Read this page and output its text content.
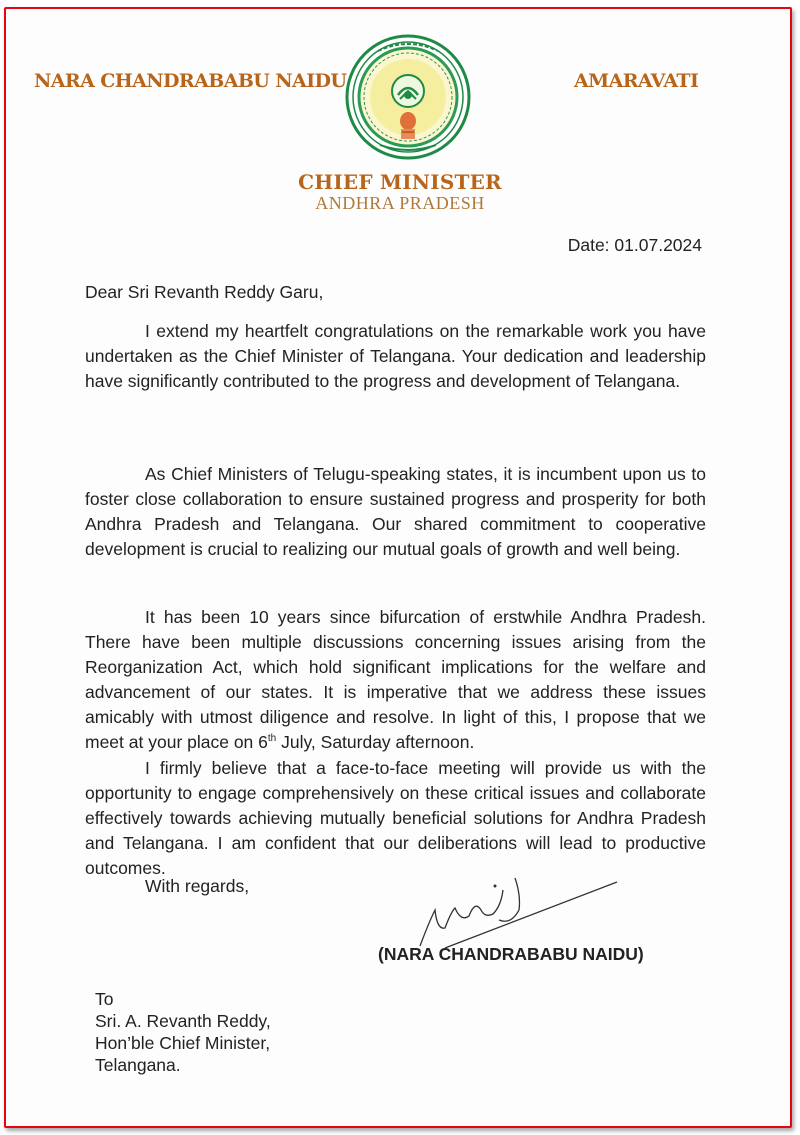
NARA CHANDRABABU NAIDU	AMARAVATI
CHIEF MINISTER
ANDHRA PRADESH
Date: 01.07.2024
Dear Sri Revanth Reddy Garu,

I extend my heartfelt congratulations on the remarkable work you have undertaken as the Chief Minister of Telangana. Your dedication and leadership have significantly contributed to the progress and development of Telangana.

As Chief Ministers of Telugu-speaking states, it is incumbent upon us to foster close collaboration to ensure sustained progress and prosperity for both Andhra Pradesh and Telangana. Our shared commitment to cooperative development is crucial to realizing our mutual goals of growth and well being.

It has been 10 years since bifurcation of erstwhile Andhra Pradesh. There have been multiple discussions concerning issues arising from the Reorganization Act, which hold significant implications for the welfare and advancement of our states. It is imperative that we address these issues amicably with utmost diligence and resolve. In light of this, I propose that we meet at your place on 6th July, Saturday afternoon.

I firmly believe that a face-to-face meeting will provide us with the opportunity to engage comprehensively on these critical issues and collaborate effectively towards achieving mutually beneficial solutions for Andhra Pradesh and Telangana. I am confident that our deliberations will lead to productive outcomes.

With regards,
(NARA CHANDRABABU NAIDU)
To
Sri. A. Revanth Reddy,
Hon’ble Chief Minister,
Telangana.
